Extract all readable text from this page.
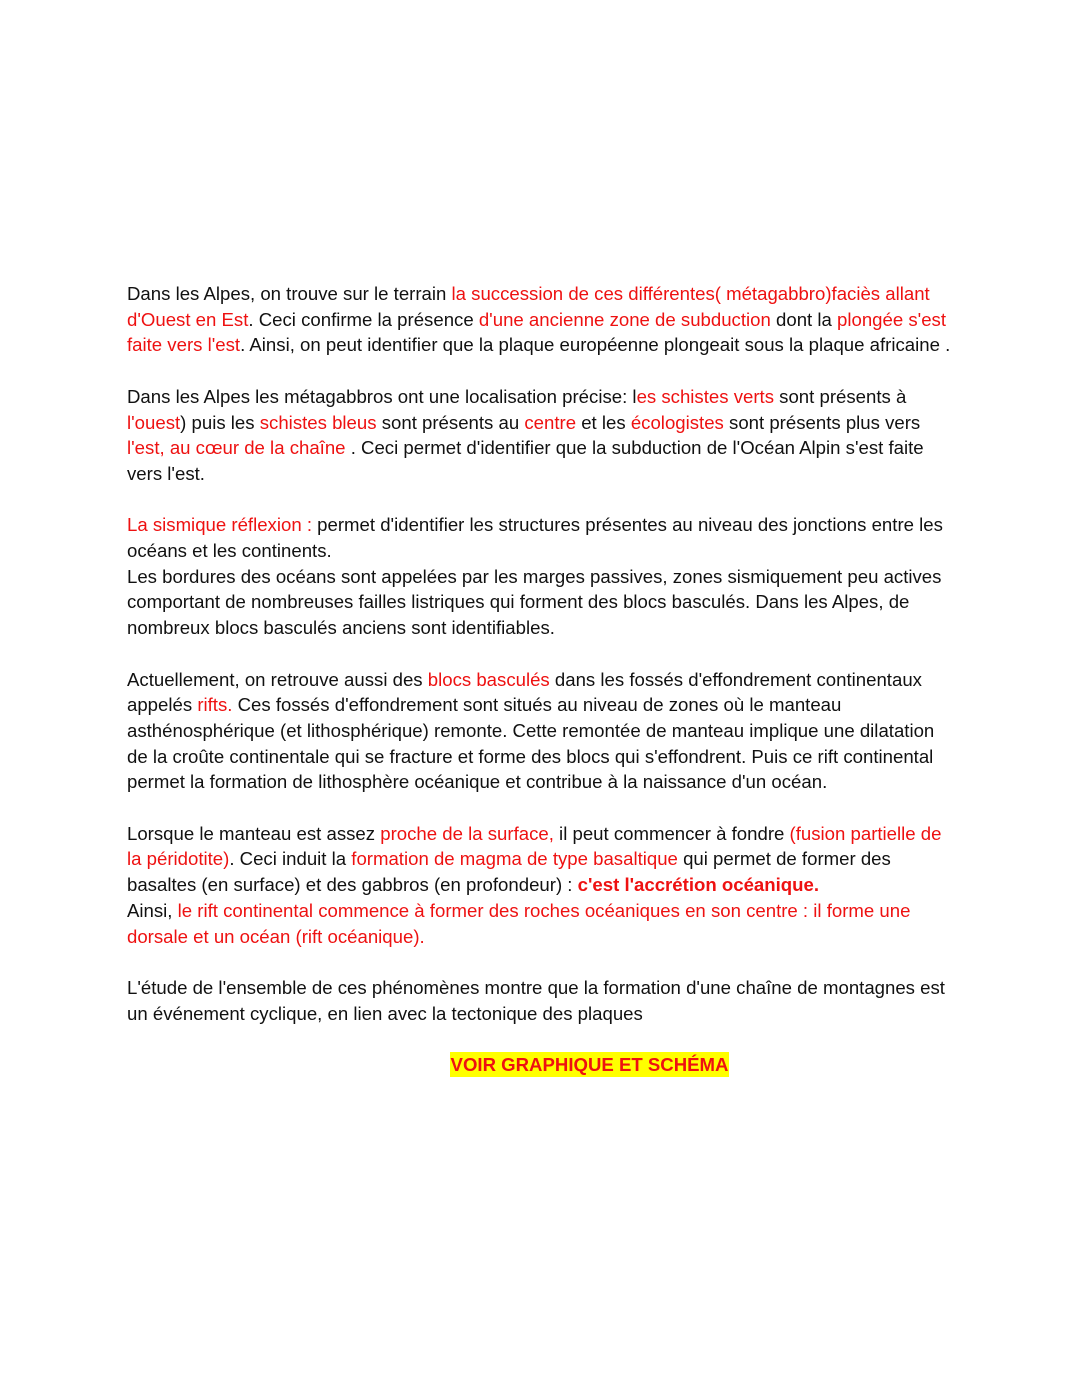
Dans les Alpes, on trouve sur le terrain la succession de ces différentes( métagabbro)faciès allant d'Ouest en Est. Ceci confirme la présence d'une ancienne zone de subduction dont la plongée s'est faite vers l'est. Ainsi, on peut identifier que la plaque européenne plongeait sous la plaque africaine .

Dans les Alpes les métagabbros ont une localisation précise: les schistes verts sont présents à l'ouest) puis les schistes bleus sont présents au centre et les écologistes sont présents plus vers l'est, au cœur de la chaîne . Ceci permet d'identifier que la subduction de l'Océan Alpin s'est faite vers l'est.

La sismique réflexion : permet d'identifier les structures présentes au niveau des jonctions entre les océans et les continents.
Les bordures des océans sont appelées par les marges passives, zones sismiquement peu actives comportant de nombreuses failles listriques qui forment des blocs basculés. Dans les Alpes, de nombreux blocs basculés anciens sont identifiables.

Actuellement, on retrouve aussi des blocs basculés dans les fossés d'effondrement continentaux appelés rifts. Ces fossés d'effondrement sont situés au niveau de zones où le manteau asthénosphérique (et lithosphérique) remonte. Cette remontée de manteau implique une dilatation de la croûte continentale qui se fracture et forme des blocs qui s'effondrent. Puis ce rift continental permet la formation de lithosphère océanique et contribue à la naissance d'un océan.

Lorsque le manteau est assez proche de la surface, il peut commencer à fondre (fusion partielle de la péridotite). Ceci induit la formation de magma de type basaltique qui permet de former des basaltes (en surface) et des gabbros (en profondeur) : c'est l'accrétion océanique.
Ainsi, le rift continental commence à former des roches océaniques en son centre : il forme une dorsale et un océan (rift océanique).

L'étude de l'ensemble de ces phénomènes montre que la formation d'une chaîne de montagnes est un événement cyclique, en lien avec la tectonique des plaques

VOIR GRAPHIQUE ET SCHÉMA
